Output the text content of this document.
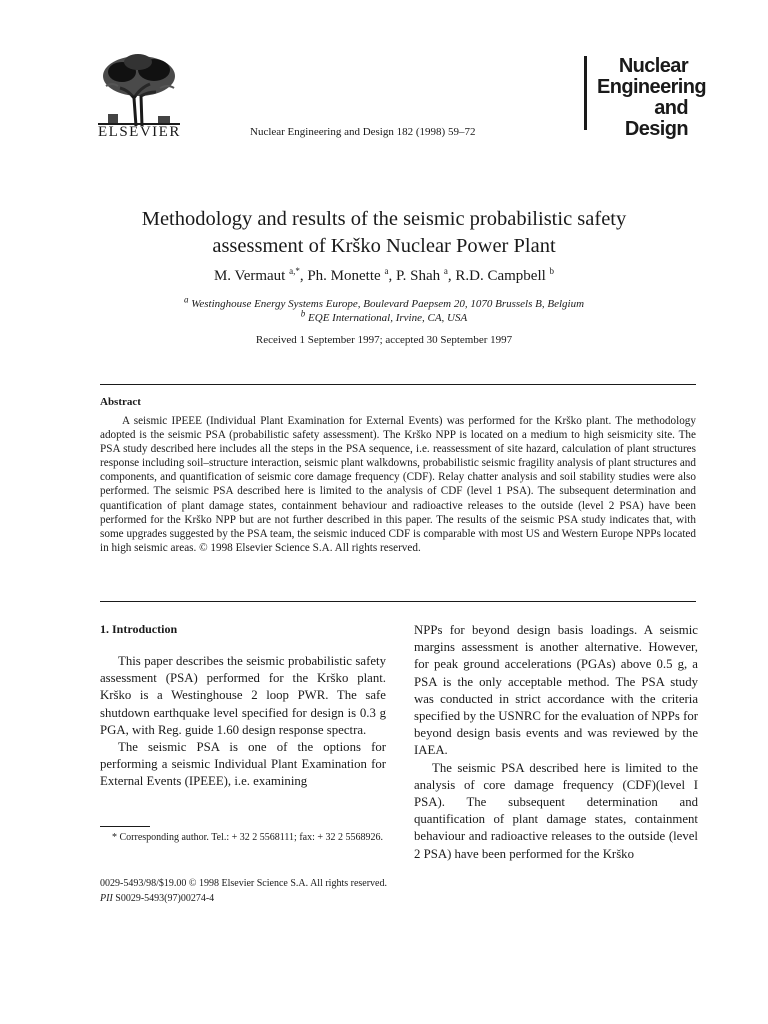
ELSEVIER	Nuclear Engineering and Design 182 (1998) 59–72
Nuclear
Engineering
and Design
Methodology and results of the seismic probabilistic safety assessment of Krško Nuclear Power Plant
M. Vermaut $^{a,*}$, Ph. Monette $^a$, P. Shah $^a$, R.D. Campbell $^b$
$^a$ Westinghouse Energy Systems Europe, Boulevard Paepsem 20, 1070 Brussels B, Belgium
$^b$ EQE International, Irvine, CA, USA
Received 1 September 1997; accepted 30 September 1997
Abstract
A seismic IPEEE (Individual Plant Examination for External Events) was performed for the Krško plant. The methodology adopted is the seismic PSA (probabilistic safety assessment). The Krško NPP is located on a medium to high seismicity site. The PSA study described here includes all the steps in the PSA sequence, i.e. reassessment of site hazard, calculation of plant structures response including soil–structure interaction, seismic plant walkdowns, probabilistic seismic fragility analysis of plant structures and components, and quantification of seismic core damage frequency (CDF). Relay chatter analysis and soil stability studies were also performed. The seismic PSA described here is limited to the analysis of CDF (level 1 PSA). The subsequent determination and quantification of plant damage states, containment behaviour and radioactive releases to the outside (level 2 PSA) have been performed for the Krško NPP but are not further described in this paper. The results of the seismic PSA study indicates that, with some upgrades suggested by the PSA team, the seismic induced CDF is comparable with most US and Western Europe NPPs located in high seismic areas. © 1998 Elsevier Science S.A. All rights reserved.
1. Introduction

This paper describes the seismic probabilistic safety assessment (PSA) performed for the Krško plant. Krško is a Westinghouse 2 loop PWR. The safe shutdown earthquake level specified for design is 0.3 g PGA, with Reg. guide 1.60 design response spectra.

The seismic PSA is one of the options for performing a seismic Individual Plant Examination for External Events (IPEEE), i.e. examining

NPPs for beyond design basis loadings. A seismic margins assessment is another alternative. However, for peak ground accelerations (PGAs) above 0.5 g, a PSA is the only acceptable method. The PSA study was conducted in strict accordance with the criteria specified by the USNRC for the evaluation of NPPs for beyond design basis events and was reviewed by the IAEA.

The seismic PSA described here is limited to the analysis of core damage frequency (CDF)(level I PSA). The subsequent determination and quantification of plant damage states, containment behaviour and radioactive releases to the outside (level 2 PSA) have been performed for the Krško

* Corresponding author. Tel.: + 32 2 5568111; fax: + 32 2 5568926.
0029-5493/98/$19.00 © 1998 Elsevier Science S.A. All rights reserved.
PII S0029-5493(97)00274-4
